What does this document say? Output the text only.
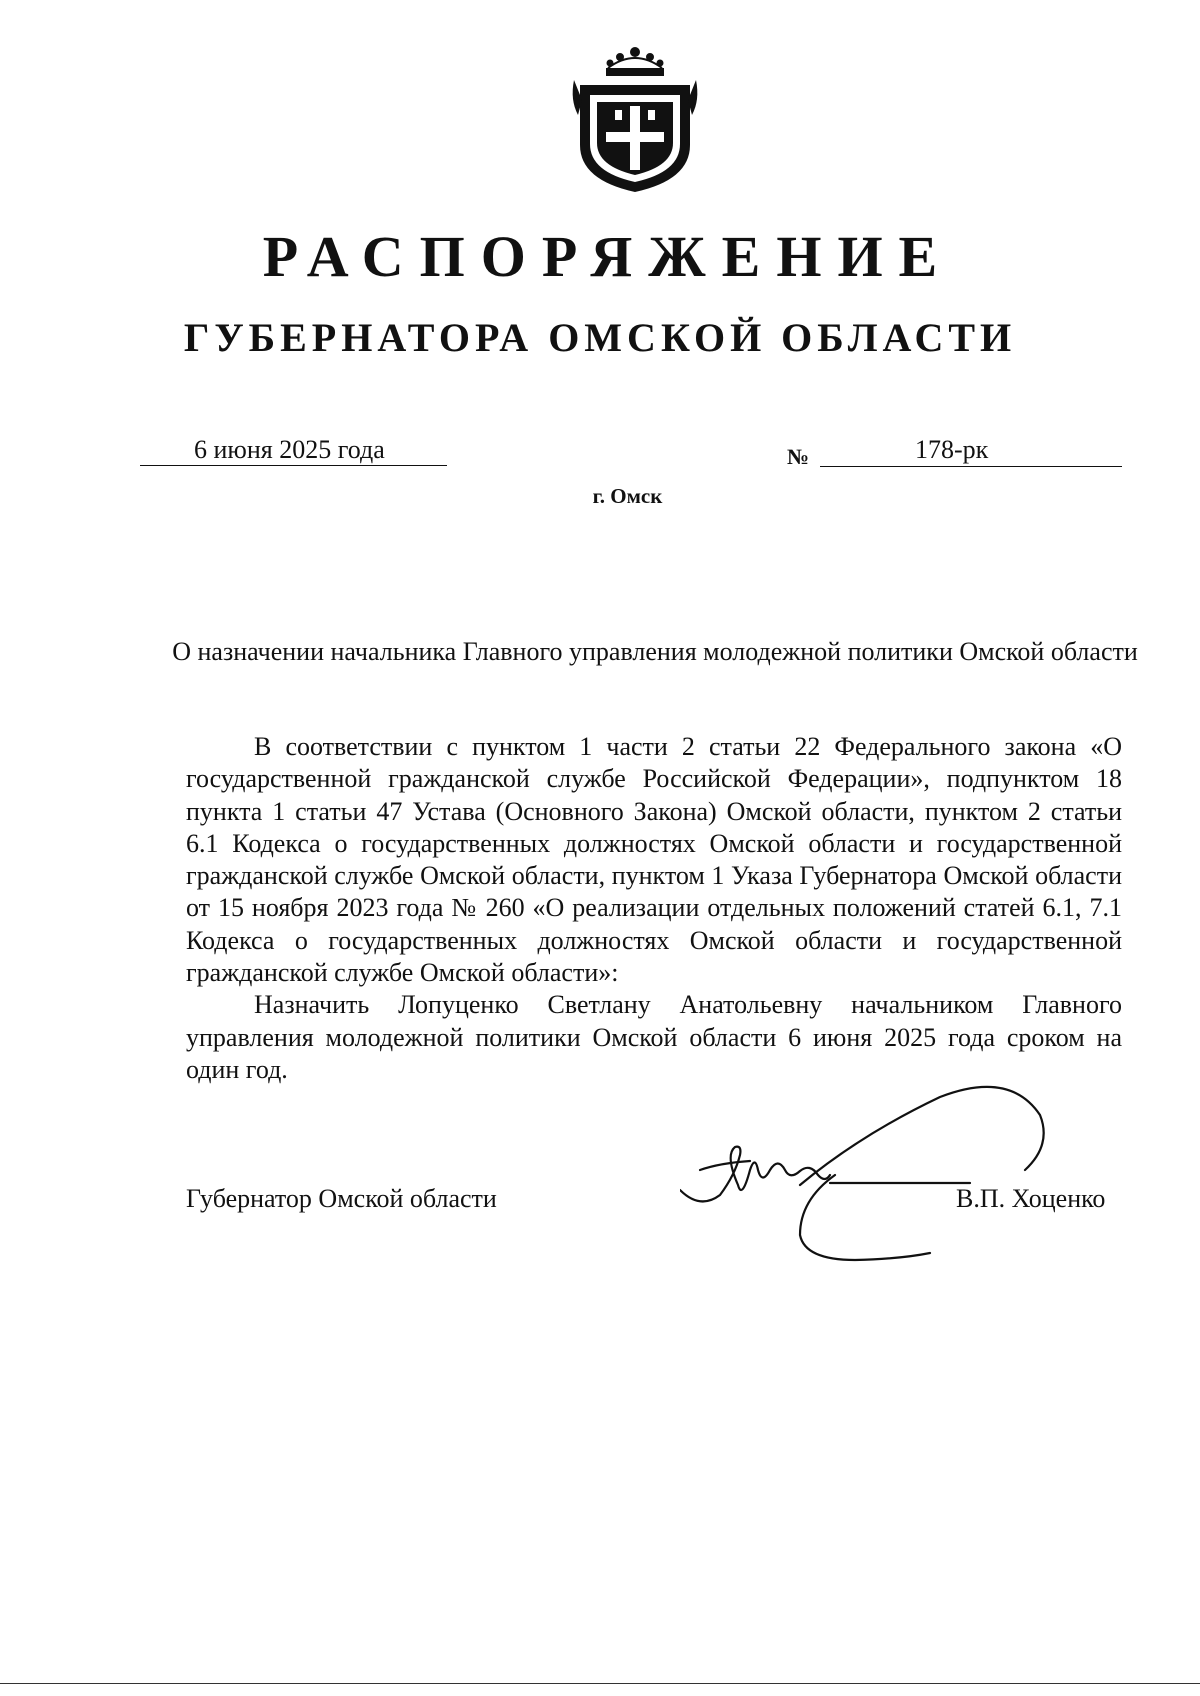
РАСПОРЯЖЕНИЕ
ГУБЕРНАТОРА ОМСКОЙ ОБЛАСТИ
6 июня 2025 года	№	178-рк
г. Омск
О назначении начальника Главного управления молодежной политики Омской области

В соответствии с пунктом 1 части 2 статьи 22 Федерального закона «О государственной гражданской службе Российской Федерации», подпунктом 18 пункта 1 статьи 47 Устава (Основного Закона) Омской области, пунктом 2 статьи 6.1 Кодекса о государственных должностях Омской области и государственной гражданской службе Омской области, пунктом 1 Указа Губернатора Омской области от 15 ноября 2023 года № 260 «О реализации отдельных положений статей 6.1, 7.1 Кодекса о государственных должностях Омской области и государственной гражданской службе Омской области»:

Назначить Лопуценко Светлану Анатольевну начальником Главного управления молодежной политики Омской области 6 июня 2025 года сроком на один год.

Губернатор Омской области	В.П. Хоценко
